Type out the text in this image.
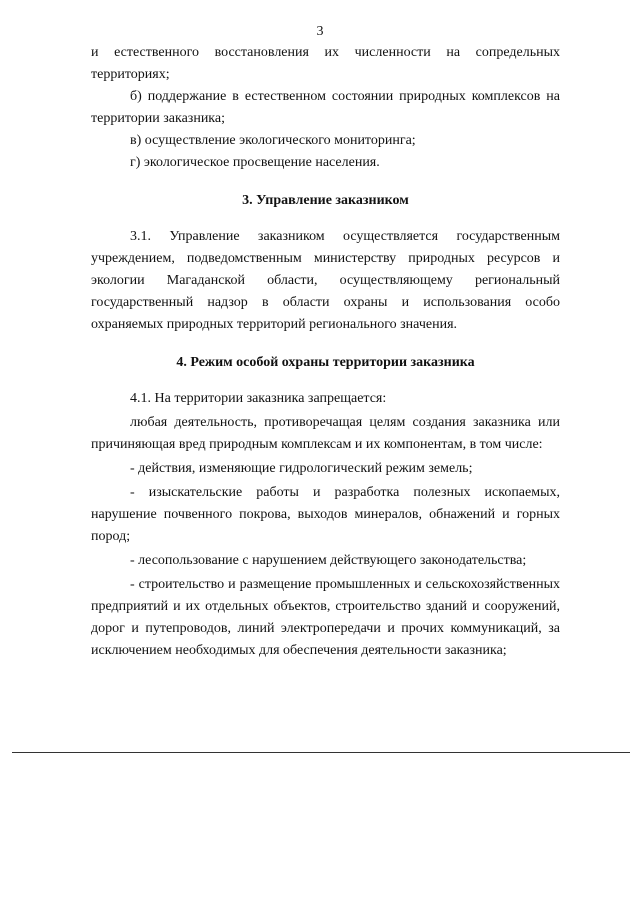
3

и естественного восстановления их численности на сопредельных территориях;

б) поддержание в естественном состоянии природных комплексов на территории заказника;

в) осуществление экологического мониторинга;

г) экологическое просвещение населения.

3. Управление заказником

3.1. Управление заказником осуществляется государственным учреждением, подведомственным министерству природных ресурсов и экологии Магаданской области, осуществляющему региональный государственный надзор в области охраны и использования особо охраняемых природных территорий регионального значения.

4. Режим особой охраны территории заказника

4.1. На территории заказника запрещается:

любая деятельность, противоречащая целям создания заказника или причиняющая вред природным комплексам и их компонентам, в том числе:

- действия, изменяющие гидрологический режим земель;

- изыскательские работы и разработка полезных ископаемых, нарушение почвенного покрова, выходов минералов, обнажений и горных пород;

- лесопользование с нарушением действующего законодательства;

- строительство и размещение промышленных и сельскохозяйственных предприятий и их отдельных объектов, строительство зданий и сооружений, дорог и путепроводов, линий электропередачи и прочих коммуникаций, за исключением необходимых для обеспечения деятельности заказника;
